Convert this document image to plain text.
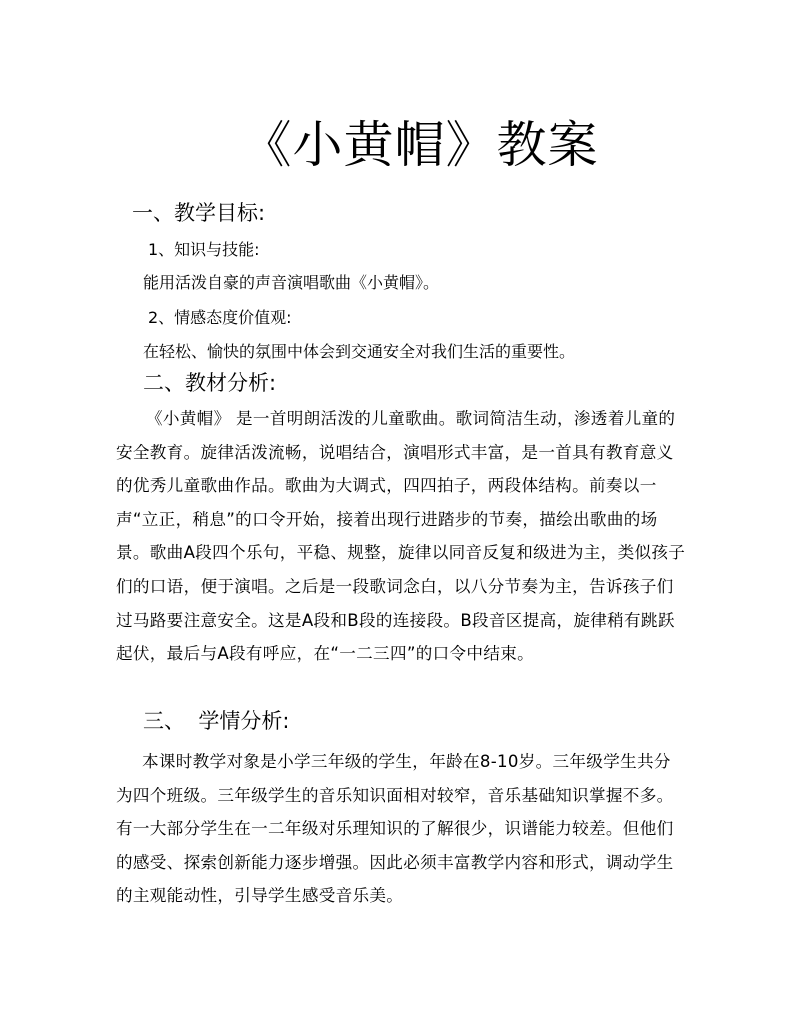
《小黄帽》教案
一、教学目标:
1、知识与技能:
能用活泼自豪的声音演唱歌曲《小黄帽》。
2、情感态度价值观:
在轻松、愉快的氛围中体会到交通安全对我们生活的重要性。
二、教材分析:
《小黄帽》 是一首明朗活泼的儿童歌曲。歌词简洁生动，渗透着儿童的安全教育。旋律活泼流畅，说唱结合，演唱形式丰富，是一首具有教育意义的优秀儿童歌曲作品。歌曲为大调式，四四拍子，两段体结构。前奏以一声“立正，稍息”的口令开始，接着出现行进踏步的节奏，描绘出歌曲的场景。歌曲A段四个乐句，平稳、规整，旋律以同音反复和级进为主，类似孩子们的口语，便于演唱。之后是一段歌词念白，以八分节奏为主，告诉孩子们过马路要注意安全。这是A段和B段的连接段。B段音区提高，旋律稍有跳跃起伏，最后与A段有呼应，在“一二三四”的口令中结束。
三、  学情分析:
本课时教学对象是小学三年级的学生，年龄在8-10岁。三年级学生共分为四个班级。三年级学生的音乐知识面相对较窄，音乐基础知识掌握不多。有一大部分学生在一二年级对乐理知识的了解很少，识谱能力较差。但他们的感受、探索创新能力逐步增强。因此必须丰富教学内容和形式，调动学生的主观能动性，引导学生感受音乐美。
